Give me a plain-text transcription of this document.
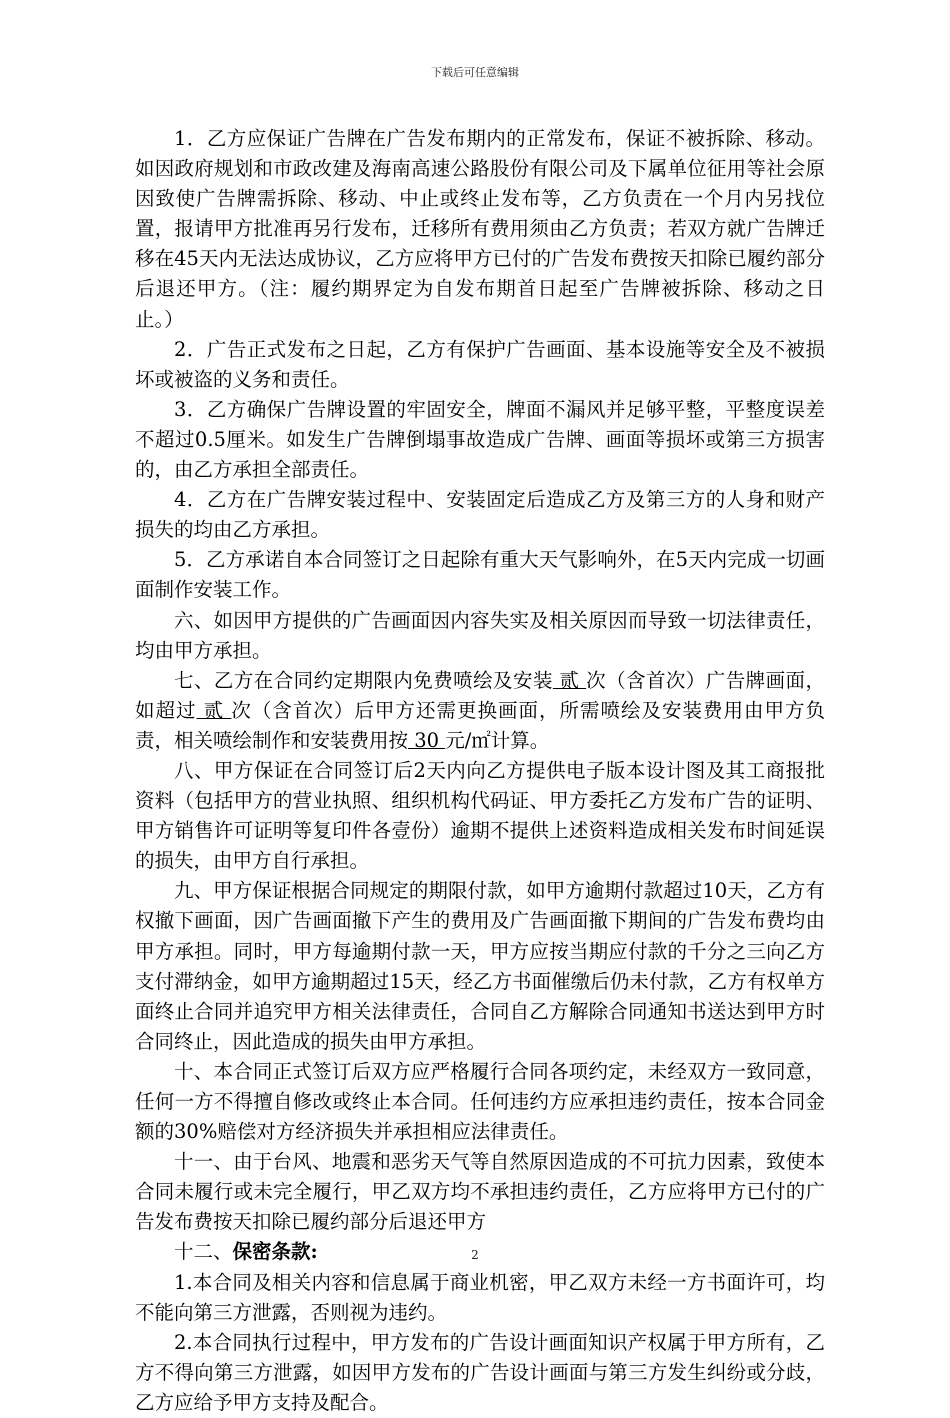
下载后可任意编辑

1．乙方应保证广告牌在广告发布期内的正常发布，保证不被拆除、移动。如因政府规划和市政改建及海南高速公路股份有限公司及下属单位征用等社会原因致使广告牌需拆除、移动、中止或终止发布等，乙方负责在一个月内另找位置，报请甲方批准再另行发布，迁移所有费用须由乙方负责；若双方就广告牌迁移在45天内无法达成协议，乙方应将甲方已付的广告发布费按天扣除已履约部分后退还甲方。（注：履约期界定为自发布期首日起至广告牌被拆除、移动之日止。）

2．广告正式发布之日起，乙方有保护广告画面、基本设施等安全及不被损坏或被盗的义务和责任。

3．乙方确保广告牌设置的牢固安全，牌面不漏风并足够平整，平整度误差不超过0.5厘米。如发生广告牌倒塌事故造成广告牌、画面等损坏或第三方损害的，由乙方承担全部责任。

4．乙方在广告牌安装过程中、安装固定后造成乙方及第三方的人身和财产损失的均由乙方承担。

5．乙方承诺自本合同签订之日起除有重大天气影响外，在5天内完成一切画面制作安装工作。

六、如因甲方提供的广告画面因内容失实及相关原因而导致一切法律责任，均由甲方承担。

七、乙方在合同约定期限内免费喷绘及安装 贰 次（含首次）广告牌画面，如超过 贰 次（含首次）后甲方还需更换画面，所需喷绘及安装费用由甲方负责，相关喷绘制作和安装费用按 30 元/㎡计算。

八、甲方保证在合同签订后2天内向乙方提供电子版本设计图及其工商报批资料（包括甲方的营业执照、组织机构代码证、甲方委托乙方发布广告的证明、甲方销售许可证明等复印件各壹份）逾期不提供上述资料造成相关发布时间延误的损失，由甲方自行承担。

九、甲方保证根据合同规定的期限付款，如甲方逾期付款超过10天，乙方有权撤下画面，因广告画面撤下产生的费用及广告画面撤下期间的广告发布费均由甲方承担。同时，甲方每逾期付款一天，甲方应按当期应付款的千分之三向乙方支付滞纳金，如甲方逾期超过15天，经乙方书面催缴后仍未付款，乙方有权单方面终止合同并追究甲方相关法律责任，合同自乙方解除合同通知书送达到甲方时合同终止，因此造成的损失由甲方承担。

十、本合同正式签订后双方应严格履行合同各项约定，未经双方一致同意，任何一方不得擅自修改或终止本合同。任何违约方应承担违约责任，按本合同金额的30%赔偿对方经济损失并承担相应法律责任。

十一、由于台风、地震和恶劣天气等自然原因造成的不可抗力因素，致使本合同未履行或未完全履行，甲乙双方均不承担违约责任，乙方应将甲方已付的广告发布费按天扣除已履约部分后退还甲方

十二、保密条款:

1.本合同及相关内容和信息属于商业机密，甲乙双方未经一方书面许可，均不能向第三方泄露，否则视为违约。

2.本合同执行过程中，甲方发布的广告设计画面知识产权属于甲方所有，乙方不得向第三方泄露，如因甲方发布的广告设计画面与第三方发生纠纷或分歧，乙方应给予甲方支持及配合。

2
